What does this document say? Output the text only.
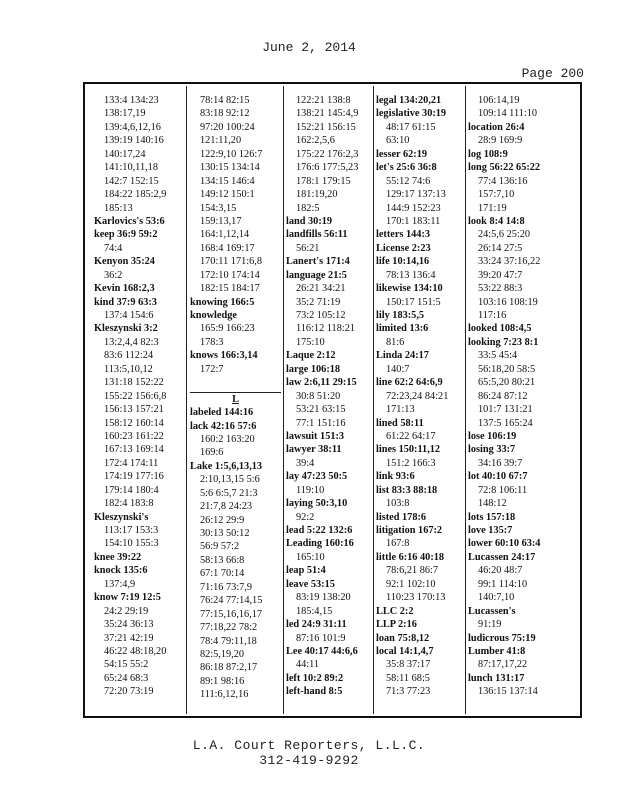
June 2, 2014
Page 200
133:4 134:23
138:17,19
139:4,6,12,16
139:19 140:16
140:17,24
141:10,11,18
142:7 152:15
184:22 185:2,9
185:13
Karlovics's 53:6
keep 36:9 59:2
74:4
Kenyon 35:24
36:2
Kevin 168:2,3
kind 37:9 63:3
137:4 154:6
Kleszynski 3:2
13:2,4,4 82:3
83:6 112:24
113:5,10,12
131:18 152:22
155:22 156:6,8
156:13 157:21
158:12 160:14
160:23 161:22
167:13 169:14
172:4 174:11
174:19 177:16
179:14 180:4
182:4 183:8
Kleszynski's
113:17 153:3
154:10 155:3
knee 39:22
knock 135:6
137:4,9
know 7:19 12:5
24:2 29:19
35:24 36:13
37:21 42:19
46:22 48:18,20
54:15 55:2
65:24 68:3
72:20 73:19
78:14 82:15
83:18 92:12
97:20 100:24
121:11,20
122:9,10 126:7
130:15 134:14
134:15 146:4
149:12 150:1
154:3,15
159:13,17
164:1,12,14
168:4 169:17
170:11 171:6,8
172:10 174:14
182:15 184:17
knowing 166:5
knowledge
165:9 166:23
178:3
knows 166:3,14
172:7
L
labeled 144:16
lack 42:16 57:6
160:2 163:20
169:6
Lake 1:5,6,13,13
2:10,13,15 5:6
5:6 6:5,7 21:3
21:7,8 24:23
26:12 29:9
30:13 50:12
56:9 57:2
58:13 66:8
67:1 70:14
71:16 73:7,9
76:24 77:14,15
77:15,16,16,17
77:18,22 78:2
78:4 79:11,18
82:5,19,20
86:18 87:2,17
89:1 98:16
111:6,12,16
122:21 138:8
138:21 145:4,9
152:21 156:15
162:2,5,6
175:22 176:2,3
176:6 177:5,23
178:1 179:15
181:19,20
182:5
land 30:19
landfills 56:11
56:21
Lanert's 171:4
language 21:5
26:21 34:21
35:2 71:19
73:2 105:12
116:12 118:21
175:10
Laque 2:12
large 106:18
law 2:6,11 29:15
30:8 51:20
53:21 63:15
77:1 151:16
lawsuit 151:3
lawyer 38:11
39:4
lay 47:23 50:5
119:10
laying 50:3,10
92:2
lead 5:22 132:6
Leading 160:16
165:10
leap 51:4
leave 53:15
83:19 138:20
185:4,15
led 24:9 31:11
87:16 101:9
Lee 40:17 44:6,6
44:11
left 10:2 89:2
left-hand 8:5
legal 134:20,21
legislative 30:19
48:17 61:15
63:10
lesser 62:19
let's 25:6 36:8
55:12 74:6
129:17 137:13
144:9 152:23
170:1 183:11
letters 144:3
License 2:23
life 10:14,16
78:13 136:4
likewise 134:10
150:17 151:5
lily 183:5,5
limited 13:6
81:6
Linda 24:17
140:7
line 62:2 64:6,9
72:23,24 84:21
171:13
lined 58:11
61:22 64:17
lines 150:11,12
151:2 166:3
link 93:6
list 83:3 88:18
103:8
listed 178:6
litigation 167:2
167:8
little 6:16 40:18
78:6,21 86:7
92:1 102:10
110:23 170:13
LLC 2:2
LLP 2:16
loan 75:8,12
local 14:1,4,7
35:8 37:17
58:11 68:5
71:3 77:23
106:14,19
109:14 111:10
location 26:4
28:9 169:9
log 108:9
long 56:22 65:22
77:4 136:16
157:7,10
171:19
look 8:4 14:8
24:5,6 25:20
26:14 27:5
33:24 37:16,22
39:20 47:7
53:22 88:3
103:16 108:19
117:16
looked 108:4,5
looking 7:23 8:1
33:5 45:4
56:18,20 58:5
65:5,20 80:21
86:24 87:12
101:7 131:21
137:5 165:24
lose 106:19
losing 33:7
34:16 39:7
lot 40:10 67:7
72:8 106:11
148:12
lots 157:18
love 135:7
lower 60:10 63:4
Lucassen 24:17
46:20 48:7
99:1 114:10
140:7,10
Lucassen's
91:19
ludicrous 75:19
Lumber 41:8
87:17,17,22
lunch 131:17
136:15 137:14
L.A. Court Reporters, L.L.C.
312-419-9292
